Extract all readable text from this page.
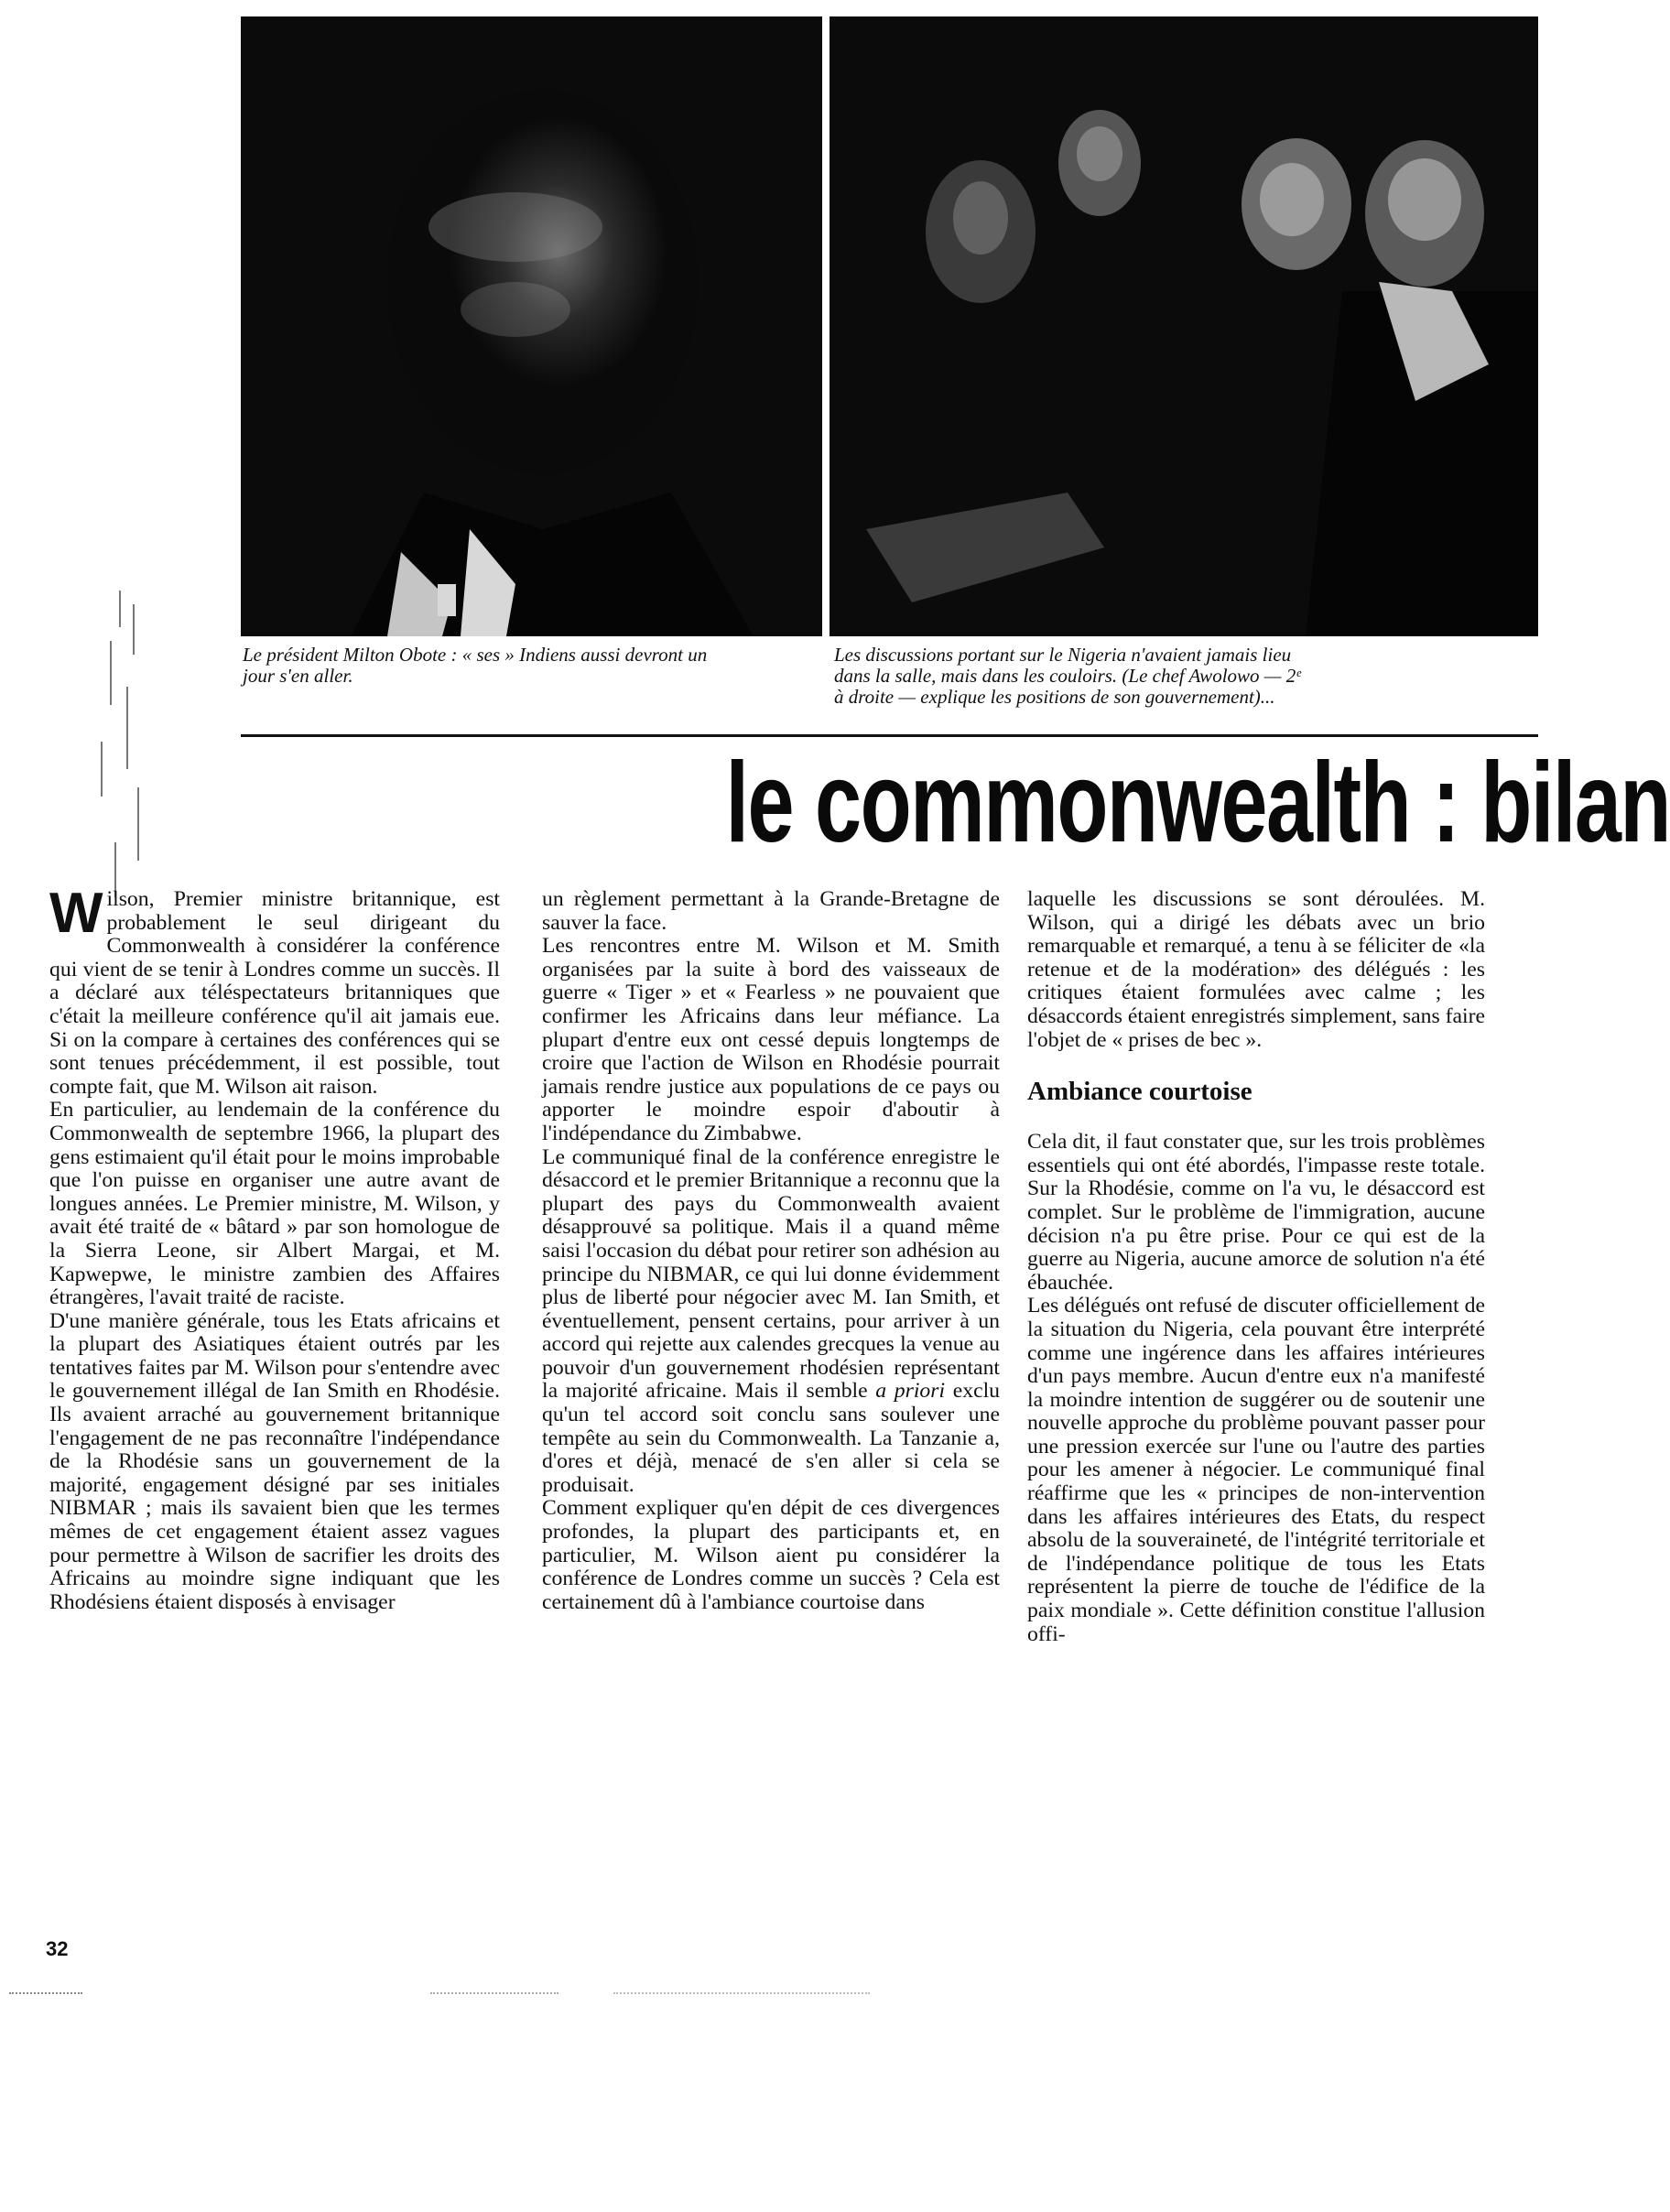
Le président Milton Obote : « ses » Indiens aussi devront un jour s'en aller.
Les discussions portant sur le Nigeria n'avaient jamais lieu dans la salle, mais dans les couloirs. (Le chef Awolowo — 2ᵉ à droite — explique les positions de son gouvernement)...
le commonwealth : bilan

Wilson, Premier ministre britannique, est probablement le seul dirigeant du Commonwealth à considérer la conférence qui vient de se tenir à Londres comme un succès. Il a déclaré aux téléspectateurs britanniques que c'était la meilleure conférence qu'il ait jamais eue. Si on la compare à certaines des conférences qui se sont tenues précédemment, il est possible, tout compte fait, que M. Wilson ait raison.

En particulier, au lendemain de la conférence du Commonwealth de septembre 1966, la plupart des gens estimaient qu'il était pour le moins improbable que l'on puisse en organiser une autre avant de longues années. Le Premier ministre, M. Wilson, y avait été traité de « bâtard » par son homologue de la Sierra Leone, sir Albert Margai, et M. Kapwepwe, le ministre zambien des Affaires étrangères, l'avait traité de raciste.

D'une manière générale, tous les Etats africains et la plupart des Asiatiques étaient outrés par les tentatives faites par M. Wilson pour s'entendre avec le gouvernement illégal de Ian Smith en Rhodésie. Ils avaient arraché au gouvernement britannique l'engagement de ne pas reconnaître l'indépendance de la Rhodésie sans un gouvernement de la majorité, engagement désigné par ses initiales NIBMAR ; mais ils savaient bien que les termes mêmes de cet engagement étaient assez vagues pour permettre à Wilson de sacrifier les droits des Africains au moindre signe indiquant que les Rhodésiens étaient disposés à envisager

un règlement permettant à la Grande-Bretagne de sauver la face.

Les rencontres entre M. Wilson et M. Smith organisées par la suite à bord des vaisseaux de guerre « Tiger » et « Fearless » ne pouvaient que confirmer les Africains dans leur méfiance. La plupart d'entre eux ont cessé depuis longtemps de croire que l'action de Wilson en Rhodésie pourrait jamais rendre justice aux populations de ce pays ou apporter le moindre espoir d'aboutir à l'indépendance du Zimbabwe.

Le communiqué final de la conférence enregistre le désaccord et le premier Britannique a reconnu que la plupart des pays du Commonwealth avaient désapprouvé sa politique. Mais il a quand même saisi l'occasion du débat pour retirer son adhésion au principe du NIBMAR, ce qui lui donne évidemment plus de liberté pour négocier avec M. Ian Smith, et éventuellement, pensent certains, pour arriver à un accord qui rejette aux calendes grecques la venue au pouvoir d'un gouvernement rhodésien représentant la majorité africaine. Mais il semble a priori exclu qu'un tel accord soit conclu sans soulever une tempête au sein du Commonwealth. La Tanzanie a, d'ores et déjà, menacé de s'en aller si cela se produisait.

Comment expliquer qu'en dépit de ces divergences profondes, la plupart des participants et, en particulier, M. Wilson aient pu considérer la conférence de Londres comme un succès ? Cela est certainement dû à l'ambiance courtoise dans

laquelle les discussions se sont déroulées. M. Wilson, qui a dirigé les débats avec un brio remarquable et remarqué, a tenu à se féliciter de «la retenue et de la modération» des délégués : les critiques étaient formulées avec calme ; les désaccords étaient enregistrés simplement, sans faire l'objet de « prises de bec ».

Ambiance courtoise

Cela dit, il faut constater que, sur les trois problèmes essentiels qui ont été abordés, l'impasse reste totale. Sur la Rhodésie, comme on l'a vu, le désaccord est complet. Sur le problème de l'immigration, aucune décision n'a pu être prise. Pour ce qui est de la guerre au Nigeria, aucune amorce de solution n'a été ébauchée.

Les délégués ont refusé de discuter officiellement de la situation du Nigeria, cela pouvant être interprété comme une ingérence dans les affaires intérieures d'un pays membre. Aucun d'entre eux n'a manifesté la moindre intention de suggérer ou de soutenir une nouvelle approche du problème pouvant passer pour une pression exercée sur l'une ou l'autre des parties pour les amener à négocier. Le communiqué final réaffirme que les « principes de non-intervention dans les affaires intérieures des Etats, du respect absolu de la souveraineté, de l'intégrité territoriale et de l'indépendance politique de tous les Etats représentent la pierre de touche de l'édifice de la paix mondiale ». Cette définition constitue l'allusion offi-

32
